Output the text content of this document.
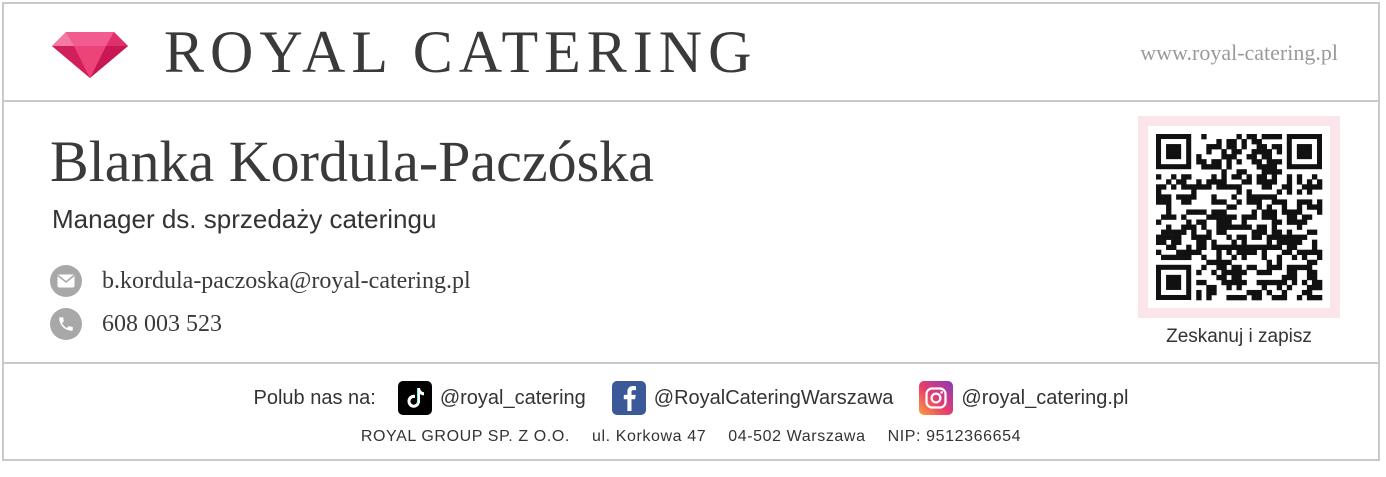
ROYAL CATERING	www.royal-catering.pl
Blanka Kordula-Paczóska
Manager ds. sprzedaży cateringu
b.kordula-paczoska@royal-catering.pl
608 003 523	Zeskanuj i zapisz
Polub nas na:	@royal_catering	@RoyalCateringWarszawa	@royal_catering.pl
ROYAL GROUP SP. Z O.O. ul. Korkowa 47 04-502 Warszawa NIP: 9512366654
